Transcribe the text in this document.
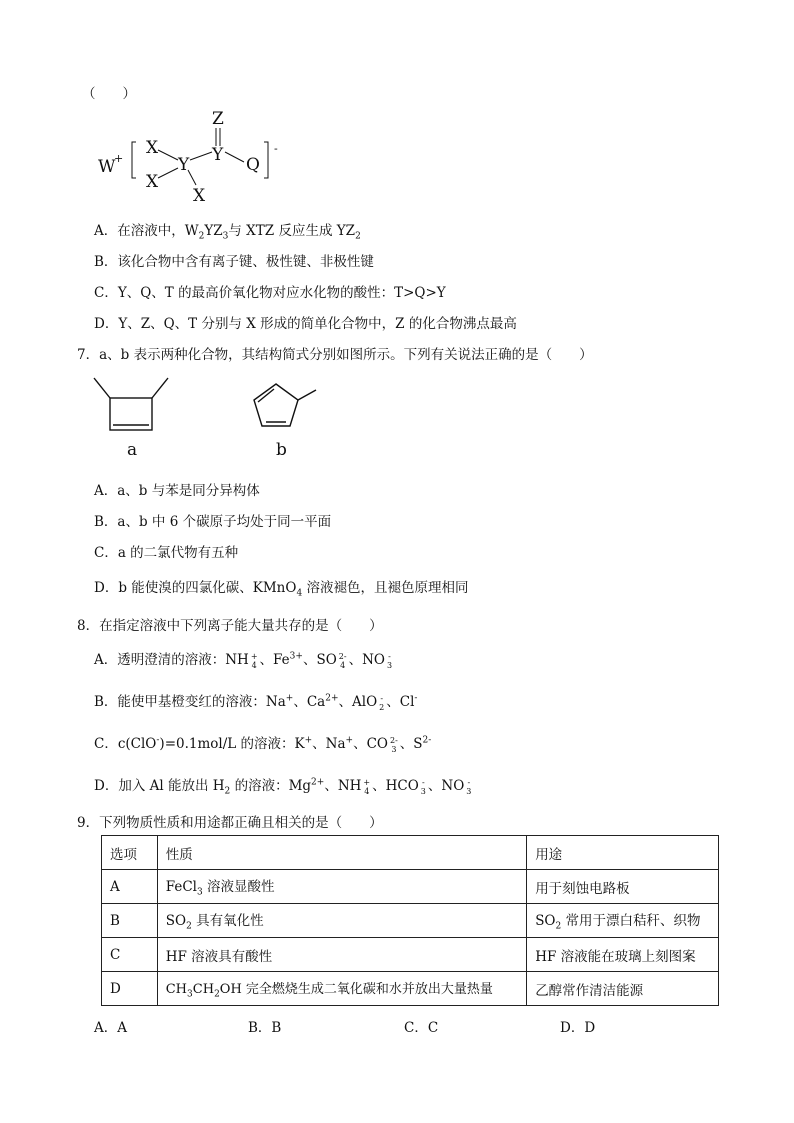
（　　）
W
+
X
X
X
Y Y
Z
Q
-
A．在溶液中，$W_2YZ_3$与 XTZ 反应生成 $YZ_2$
B．该化合物中含有离子键、极性键、非极性键
C．Y、Q、T 的最高价氧化物对应水化物的酸性：T>Q>Y
D．Y、Z、Q、T 分别与 X 形成的简单化合物中，Z 的化合物沸点最高
7．a、b 表示两种化合物，其结构简式分别如图所示。下列有关说法正确的是（　　）
a	b
A．a、b 与苯是同分异构体
B．a、b 中 6 个碳原子均处于同一平面
C．a 的二氯代物有五种
D．b 能使溴的四氯化碳、KMnO$_4$ 溶液褪色，且褪色原理相同
8．在指定溶液中下列离子能大量共存的是（　　）
A．透明澄清的溶液：NH +
4 、$Fe^{3+}$、SO 2-
4 、NO -
3
B．能使甲基橙变红的溶液：Na+、$Ca^{2+}$、AlO -
2 、Cl-
C．c(ClO-)=0.1mol/L 的溶液：K+、Na+、CO 2-
3 、$S^{2-}$
D．加入 Al 能放出 $H_2$ 的溶液：$Mg^{2+}$、NH +
4 、HCO -
3 、NO -
3
9．下列物质性质和用途都正确且相关的是（　　）
选项	性质	用途
A	FeCl$_3$ 溶液显酸性	用于刻蚀电路板
B	$SO_2$ 具有氧化性	$SO_2$ 常用于漂白秸秆、织物
C	HF 溶液具有酸性	HF 溶液能在玻璃上刻图案
D	$CH_3CH_2OH$ 完全燃烧生成二氧化碳和水并放出大量热量	乙醇常作清洁能源
A．A	B．B	C．C	D．D
